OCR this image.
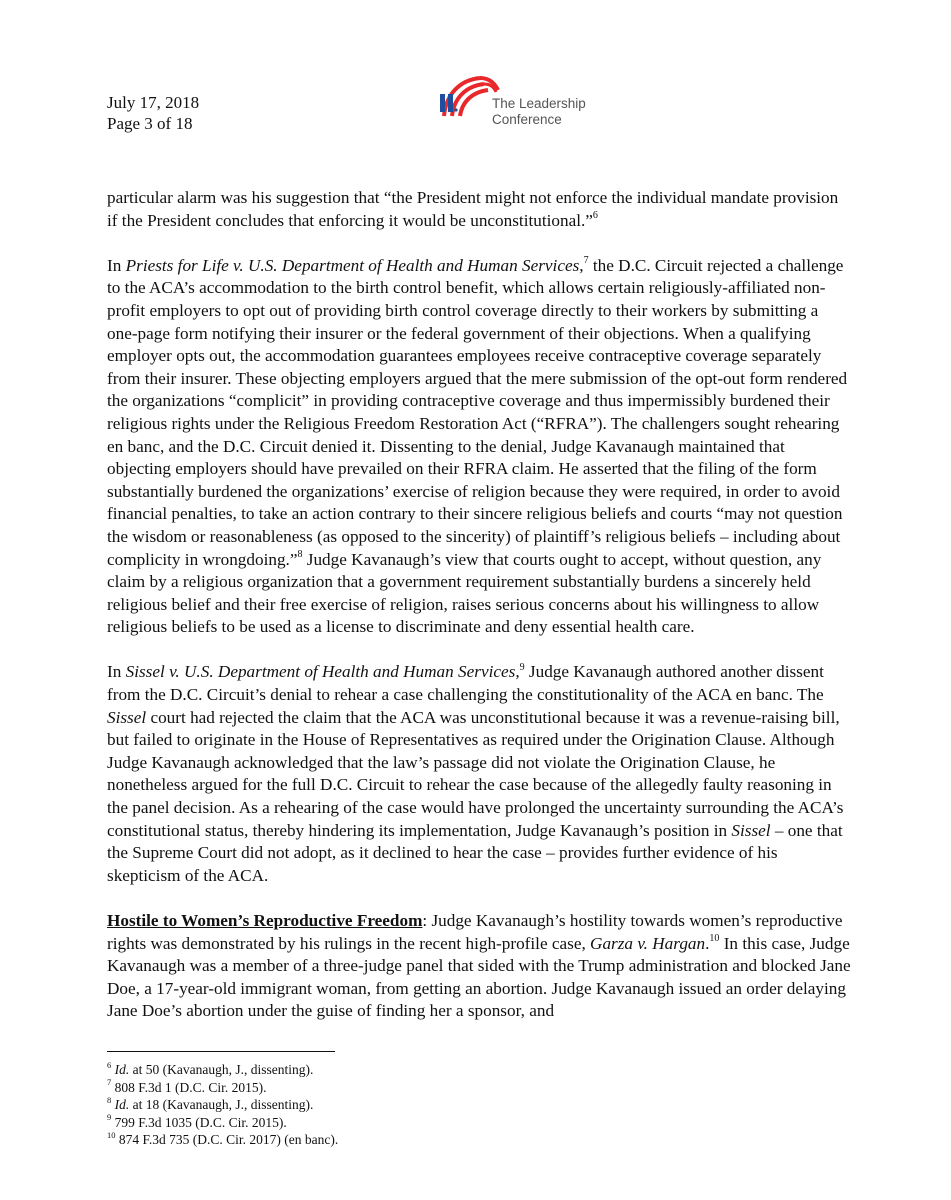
July 17, 2018
Page 3 of 18
The Leadership
Conference

particular alarm was his suggestion that “the President might not enforce the individual mandate provision if the President concludes that enforcing it would be unconstitutional.”$^6$

In Priests for Life v. U.S. Department of Health and Human Services,$^7$ the D.C. Circuit rejected a challenge to the ACA’s accommodation to the birth control benefit, which allows certain religiously-affiliated non-profit employers to opt out of providing birth control coverage directly to their workers by submitting a one-page form notifying their insurer or the federal government of their objections. When a qualifying employer opts out, the accommodation guarantees employees receive contraceptive coverage separately from their insurer. These objecting employers argued that the mere submission of the opt-out form rendered the organizations “complicit” in providing contraceptive coverage and thus impermissibly burdened their religious rights under the Religious Freedom Restoration Act (“RFRA”). The challengers sought rehearing en banc, and the D.C. Circuit denied it. Dissenting to the denial, Judge Kavanaugh maintained that objecting employers should have prevailed on their RFRA claim. He asserted that the filing of the form substantially burdened the organizations’ exercise of religion because they were required, in order to avoid financial penalties, to take an action contrary to their sincere religious beliefs and courts “may not question the wisdom or reasonableness (as opposed to the sincerity) of plaintiff’s religious beliefs – including about complicity in wrongdoing.”$^8$ Judge Kavanaugh’s view that courts ought to accept, without question, any claim by a religious organization that a government requirement substantially burdens a sincerely held religious belief and their free exercise of religion, raises serious concerns about his willingness to allow religious beliefs to be used as a license to discriminate and deny essential health care.

In Sissel v. U.S. Department of Health and Human Services,$^9$ Judge Kavanaugh authored another dissent from the D.C. Circuit’s denial to rehear a case challenging the constitutionality of the ACA en banc. The Sissel court had rejected the claim that the ACA was unconstitutional because it was a revenue-raising bill, but failed to originate in the House of Representatives as required under the Origination Clause. Although Judge Kavanaugh acknowledged that the law’s passage did not violate the Origination Clause, he nonetheless argued for the full D.C. Circuit to rehear the case because of the allegedly faulty reasoning in the panel decision. As a rehearing of the case would have prolonged the uncertainty surrounding the ACA’s constitutional status, thereby hindering its implementation, Judge Kavanaugh’s position in Sissel – one that the Supreme Court did not adopt, as it declined to hear the case – provides further evidence of his skepticism of the ACA.

Hostile to Women’s Reproductive Freedom: Judge Kavanaugh’s hostility towards women’s reproductive rights was demonstrated by his rulings in the recent high-profile case, Garza v. Hargan.$^{10}$ In this case, Judge Kavanaugh was a member of a three-judge panel that sided with the Trump administration and blocked Jane Doe, a 17-year-old immigrant woman, from getting an abortion. Judge Kavanaugh issued an order delaying Jane Doe’s abortion under the guise of finding her a sponsor, and

$^6$ Id. at 50 (Kavanaugh, J., dissenting).
$^7$ 808 F.3d 1 (D.C. Cir. 2015).
$^8$ Id. at 18 (Kavanaugh, J., dissenting).
$^9$ 799 F.3d 1035 (D.C. Cir. 2015).
$^{10}$ 874 F.3d 735 (D.C. Cir. 2017) (en banc).
